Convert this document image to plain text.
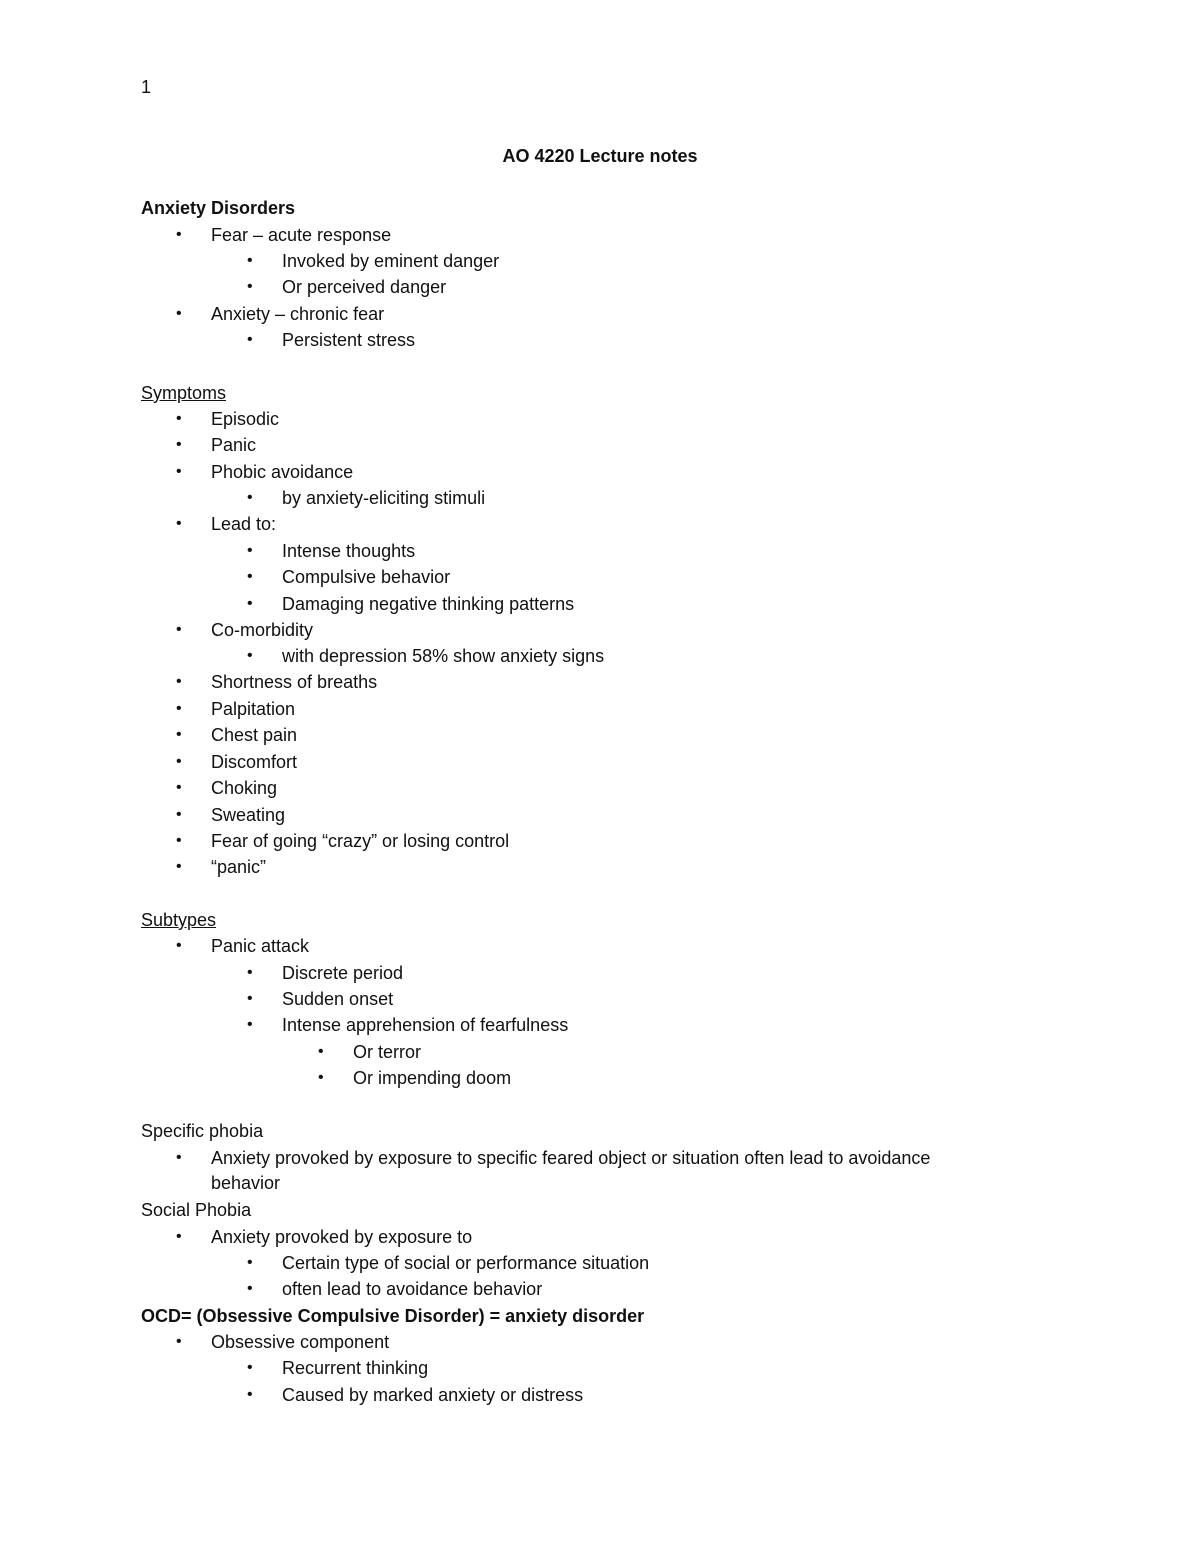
1
AO 4220 Lecture notes
Anxiety Disorders
• Fear – acute response
• Invoked by eminent danger
• Or perceived danger
• Anxiety – chronic fear
• Persistent stress
Symptoms
• Episodic
• Panic
• Phobic avoidance
• by anxiety-eliciting stimuli
• Lead to:
• Intense thoughts
• Compulsive behavior
• Damaging negative thinking patterns
• Co-morbidity
• with depression 58% show anxiety signs
• Shortness of breaths
• Palpitation
• Chest pain
• Discomfort
• Choking
• Sweating
• Fear of going “crazy” or losing control
• “panic”
Subtypes
• Panic attack
• Discrete period
• Sudden onset
• Intense apprehension of fearfulness
• Or terror
• Or impending doom
Specific phobia
• Anxiety provoked by exposure to specific feared object or situation often lead to avoidance
behavior
Social Phobia
• Anxiety provoked by exposure to
• Certain type of social or performance situation
• often lead to avoidance behavior
OCD= (Obsessive Compulsive Disorder) = anxiety disorder
• Obsessive component
• Recurrent thinking
• Caused by marked anxiety or distress
